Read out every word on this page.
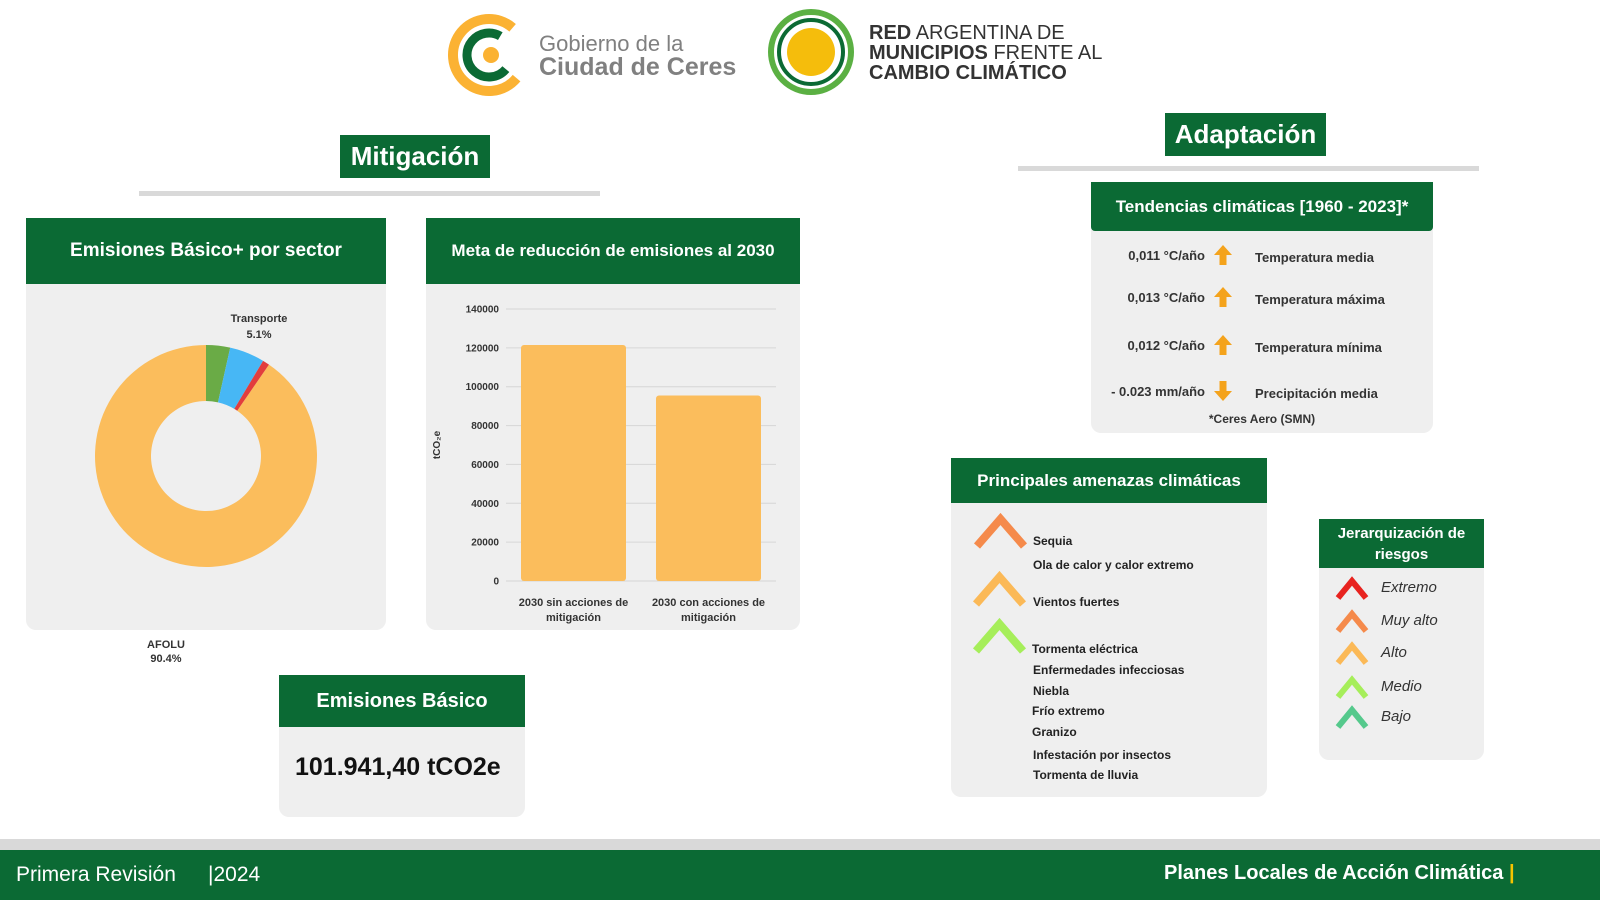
Gobierno de la
Ciudad de Ceres
RED ARGENTINA DE
MUNICIPIOS FRENTE AL
CAMBIO CLIMÁTICO
Mitigación
Emisiones Básico+ por sector
Transporte
5.1%
AFOLU
90.4%
Meta de reducción de emisiones al 2030
0
20000
40000
60000
80000
100000
120000
140000
2030 sin acciones de
mitigación
2030 con acciones de
mitigación
tCO₂e
Emisiones Básico
101.941,40 tCO2e
Adaptación
Tendencias climáticas [1960 - 2023]*
0,011 °C/año	Temperatura media
0,013 °C/año	Temperatura máxima
0,012 °C/año	Temperatura mínima
- 0.023 mm/año	Precipitación media
*Ceres Aero (SMN)
Principales amenazas climáticas
Sequia
Ola de calor y calor extremo
Vientos fuertes
Tormenta eléctrica
Enfermedades infecciosas
Niebla
Frío extremo
Granizo
Infestación por insectos
Tormenta de lluvia
Jerarquización de riesgos
Extremo
Muy alto
Alto
Medio
Bajo
Primera Revisión |2024	Planes Locales de Acción Climática |
